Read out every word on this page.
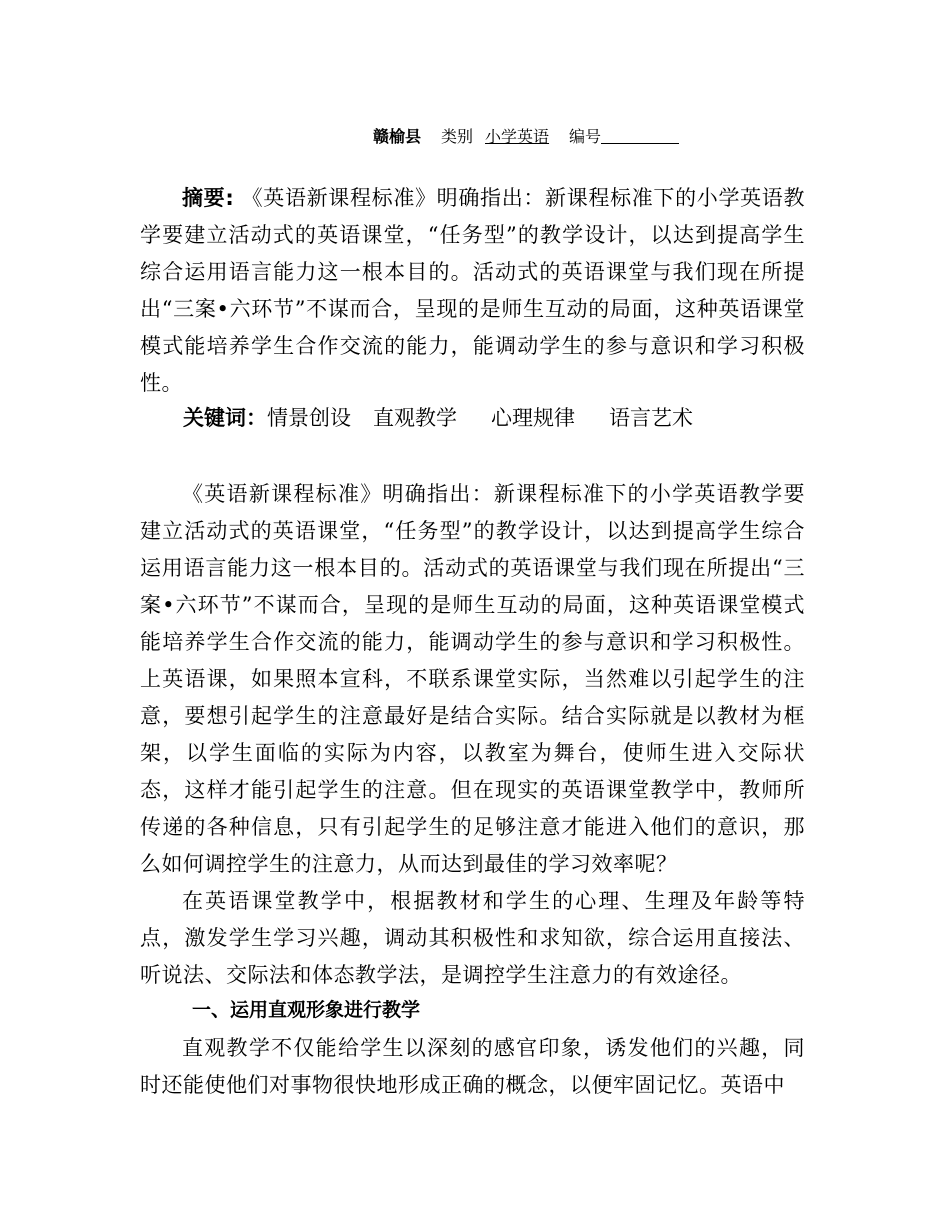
赣榆县 类别 小学英语 编号
摘要: 《英语新课程标准》明确指出：新课程标准下的小学英语教学要建立活动式的英语课堂，“任务型”的教学设计，以达到提高学生综合运用语言能力这一根本目的。活动式的英语课堂与我们现在所提出“三案•六环节”不谋而合，呈现的是师生互动的局面，这种英语课堂模式能培养学生合作交流的能力，能调动学生的参与意识和学习积极性。
关键词：情景创设 直观教学 心理规律 语言艺术
《英语新课程标准》明确指出：新课程标准下的小学英语教学要建立活动式的英语课堂，“任务型”的教学设计，以达到提高学生综合运用语言能力这一根本目的。活动式的英语课堂与我们现在所提出“三案•六环节”不谋而合，呈现的是师生互动的局面，这种英语课堂模式能培养学生合作交流的能力，能调动学生的参与意识和学习积极性。上英语课，如果照本宣科，不联系课堂实际，当然难以引起学生的注意，要想引起学生的注意最好是结合实际。结合实际就是以教材为框架，以学生面临的实际为内容，以教室为舞台，使师生进入交际状态，这样才能引起学生的注意。但在现实的英语课堂教学中，教师所传递的各种信息，只有引起学生的足够注意才能进入他们的意识，那么如何调控学生的注意力，从而达到最佳的学习效率呢？
在英语课堂教学中，根据教材和学生的心理、生理及年龄等特点，激发学生学习兴趣，调动其积极性和求知欲，综合运用直接法、听说法、交际法和体态教学法，是调控学生注意力的有效途径。
一、运用直观形象进行教学
直观教学不仅能给学生以深刻的感官印象，诱发他们的兴趣，同时还能使他们对事物很快地形成正确的概念，以便牢固记忆。英语中
